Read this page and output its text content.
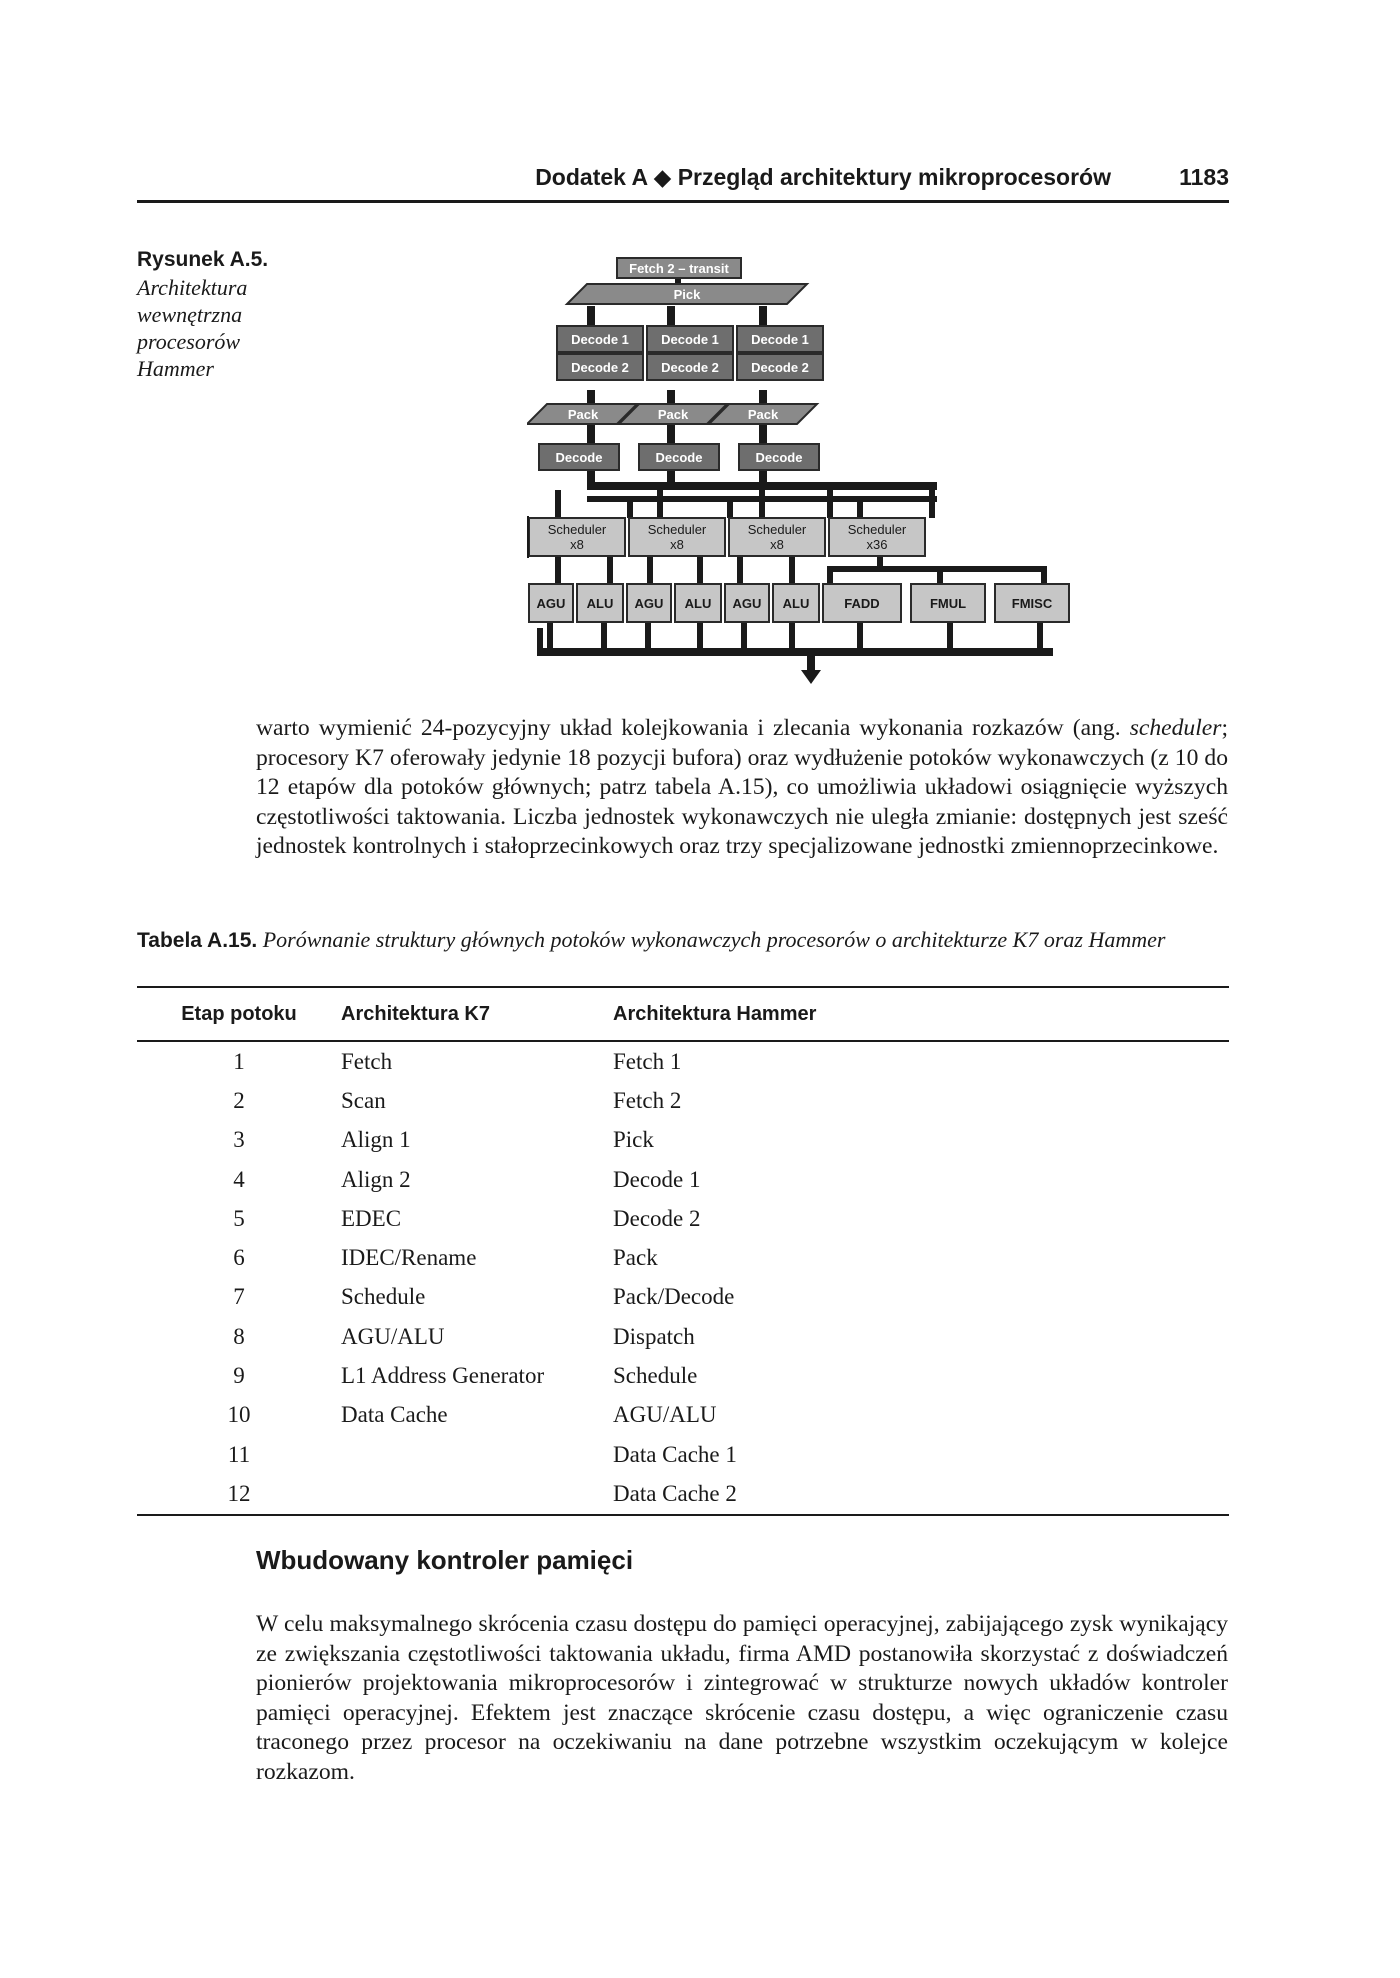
Dodatek A ◆ Przegląd architektury mikroprocesorów	1183
Rysunek A.5.
Architektura wewnętrzna procesorów Hammer
Fetch 2 – transit
Pick
Decode 1
Decode 2
Decode 1
Decode 2
Decode 1
Decode 2
Pack	Pack	Pack
Decode	Decode	Decode
Scheduler
x8
Scheduler
x8
Scheduler
x8
Scheduler
x36
AGU ALU AGU ALU AGU ALU	FADD	FMUL	FMISC

warto wymienić 24-pozycyjny układ kolejkowania i zlecania wykonania rozkazów (ang. scheduler; procesory K7 oferowały jedynie 18 pozycji bufora) oraz wydłużenie potoków wykonawczych (z 10 do 12 etapów dla potoków głównych; patrz tabela A.15), co umożliwia układowi osiągnięcie wyższych częstotliwości taktowania. Liczba jednostek wykonawczych nie uległa zmianie: dostępnych jest sześć jednostek kontrolnych i stałoprzecinkowych oraz trzy specjalizowane jednostki zmiennoprzecinkowe.

Tabela A.15. Porównanie struktury głównych potoków wykonawczych procesorów o architekturze K7 oraz Hammer

Etap potoku	Architektura K7	Architektura Hammer
1	Fetch	Fetch 1
2	Scan	Fetch 2
3	Align 1	Pick
4	Align 2	Decode 1
5	EDEC	Decode 2
6	IDEC/Rename	Pack
7	Schedule	Pack/Decode
8	AGU/ALU	Dispatch
9	L1 Address Generator	Schedule
10	Data Cache	AGU/ALU
11		Data Cache 1
12		Data Cache 2
Wbudowany kontroler pamięci

W celu maksymalnego skrócenia czasu dostępu do pamięci operacyjnej, zabijającego zysk wynikający ze zwiększania częstotliwości taktowania układu, firma AMD postanowiła skorzystać z doświadczeń pionierów projektowania mikroprocesorów i zintegrować w strukturze nowych układów kontroler pamięci operacyjnej. Efektem jest znaczące skrócenie czasu dostępu, a więc ograniczenie czasu traconego przez procesor na oczekiwaniu na dane potrzebne wszystkim oczekującym w kolejce rozkazom.
